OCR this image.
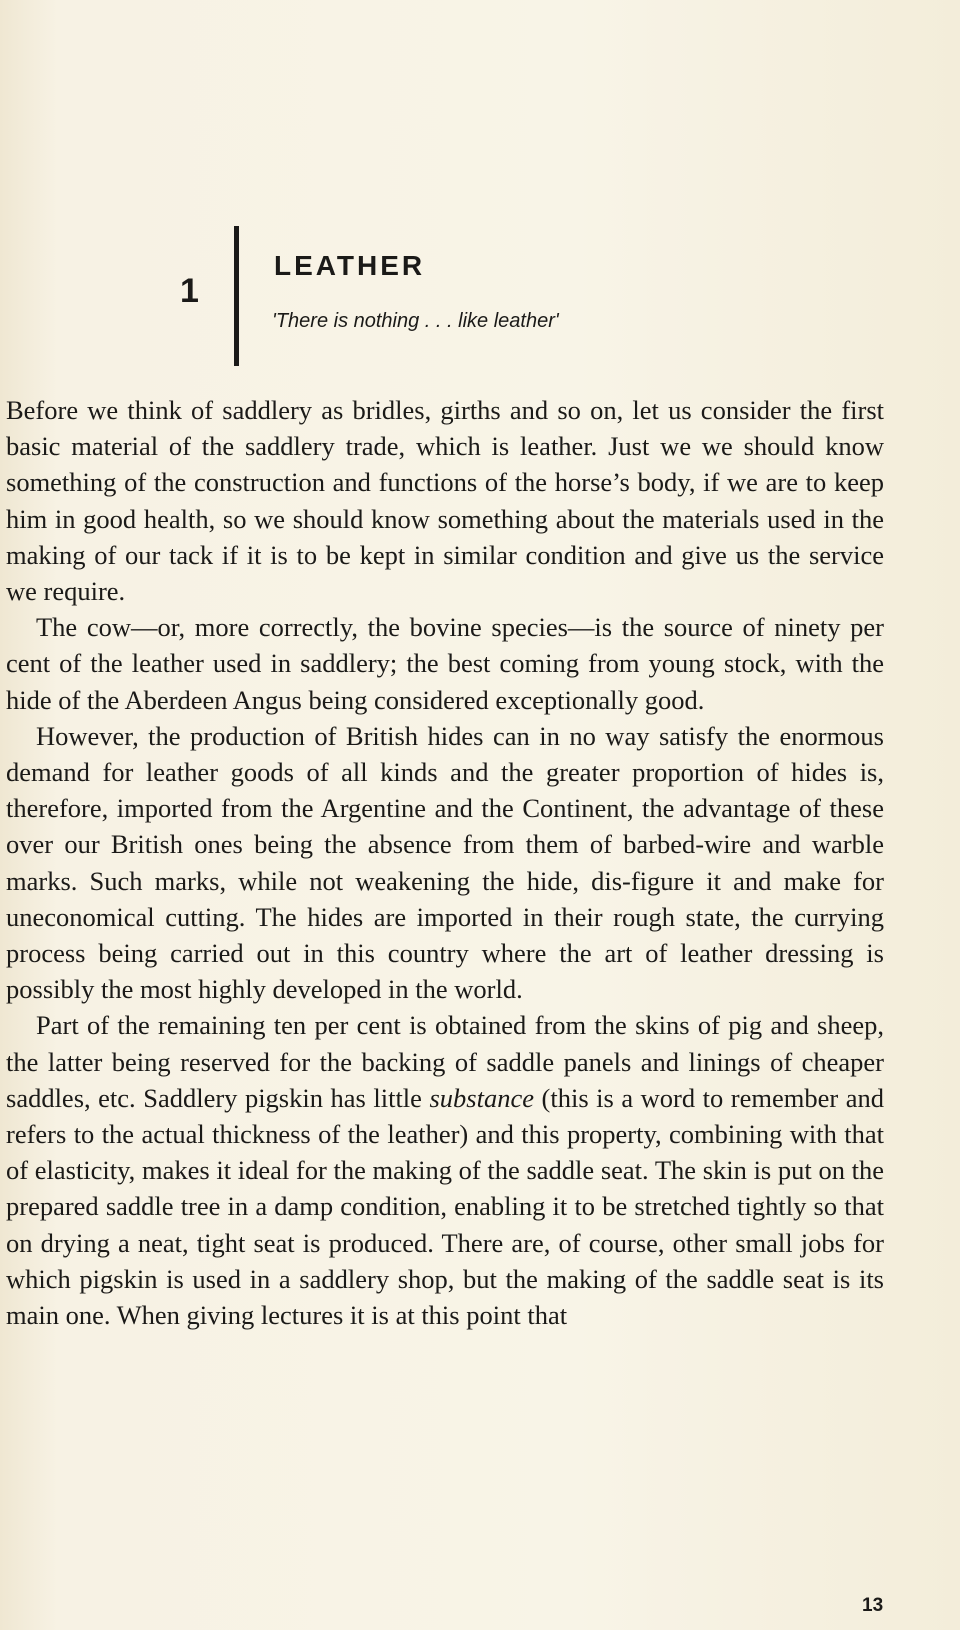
1
LEATHER
'There is nothing . . . like leather'

Before we think of saddlery as bridles, girths and so on, let us consider the first basic material of the saddlery trade, which is leather. Just we we should know something of the construction and functions of the horse’s body, if we are to keep him in good health, so we should know something about the materials used in the making of our tack if it is to be kept in similar condition and give us the service we require.

The cow—or, more correctly, the bovine species—is the source of ninety per cent of the leather used in saddlery; the best coming from young stock, with the hide of the Aberdeen Angus being considered exceptionally good.

However, the production of British hides can in no way satisfy the enormous demand for leather goods of all kinds and the greater proportion of hides is, therefore, imported from the Argentine and the Continent, the advantage of these over our British ones being the absence from them of barbed-wire and warble marks. Such marks, while not weakening the hide, dis-figure it and make for uneconomical cutting. The hides are imported in their rough state, the currying process being carried out in this country where the art of leather dressing is possibly the most highly developed in the world.

Part of the remaining ten per cent is obtained from the skins of pig and sheep, the latter being reserved for the backing of saddle panels and linings of cheaper saddles, etc. Saddlery pigskin has little substance (this is a word to remember and refers to the actual thickness of the leather) and this property, combining with that of elasticity, makes it ideal for the making of the saddle seat. The skin is put on the prepared saddle tree in a damp condition, enabling it to be stretched tightly so that on drying a neat, tight seat is produced. There are, of course, other small jobs for which pigskin is used in a saddlery shop, but the making of the saddle seat is its main one. When giving lectures it is at this point that

13
